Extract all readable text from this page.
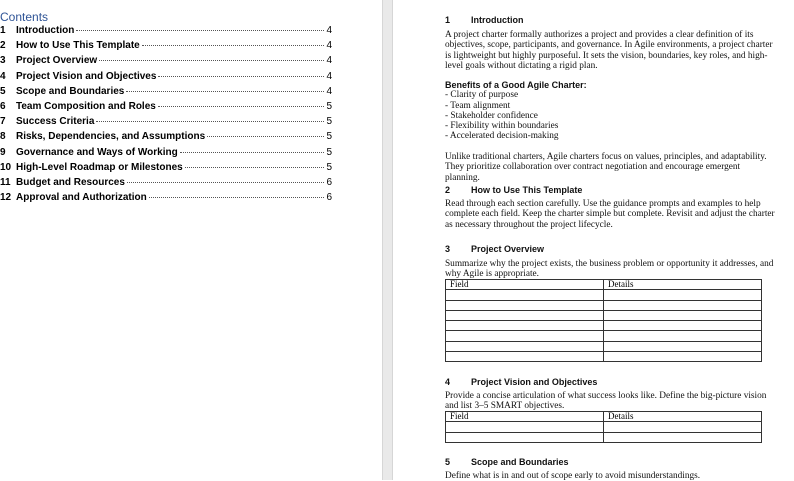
Contents
1	Introduction	4
2	How to Use This Template	4
3	Project Overview	4
4	Project Vision and Objectives	4
5	Scope and Boundaries	4
6	Team Composition and Roles	5
7	Success Criteria	5
8	Risks, Dependencies, and Assumptions	5
9	Governance and Ways of Working	5
10 High-Level Roadmap or Milestones	5
11 Budget and Resources	6
12 Approval and Authorization	6
1 Introduction
A project charter formally authorizes a project and provides a clear definition of its objectives, scope, participants, and governance. In Agile environments, a project charter is lightweight but highly purposeful. It sets the vision, boundaries, key roles, and high-level goals without dictating a rigid plan.
Benefits of a Good Agile Charter:
- Clarity of purpose
- Team alignment
- Stakeholder confidence
- Flexibility within boundaries
- Accelerated decision-making
Unlike traditional charters, Agile charters focus on values, principles, and adaptability. They prioritize collaboration over contract negotiation and encourage emergent planning.
2 How to Use This Template
Read through each section carefully. Use the guidance prompts and examples to help complete each field. Keep the charter simple but complete. Revisit and adjust the charter as necessary throughout the project lifecycle.
3 Project Overview
Summarize why the project exists, the business problem or opportunity it addresses, and why Agile is appropriate.
Field	Details

4 Project Vision and Objectives
Provide a concise articulation of what success looks like. Define the big-picture vision and list 3–5 SMART objectives.
Field	Details

5 Scope and Boundaries
Define what is in and out of scope early to avoid misunderstandings.
